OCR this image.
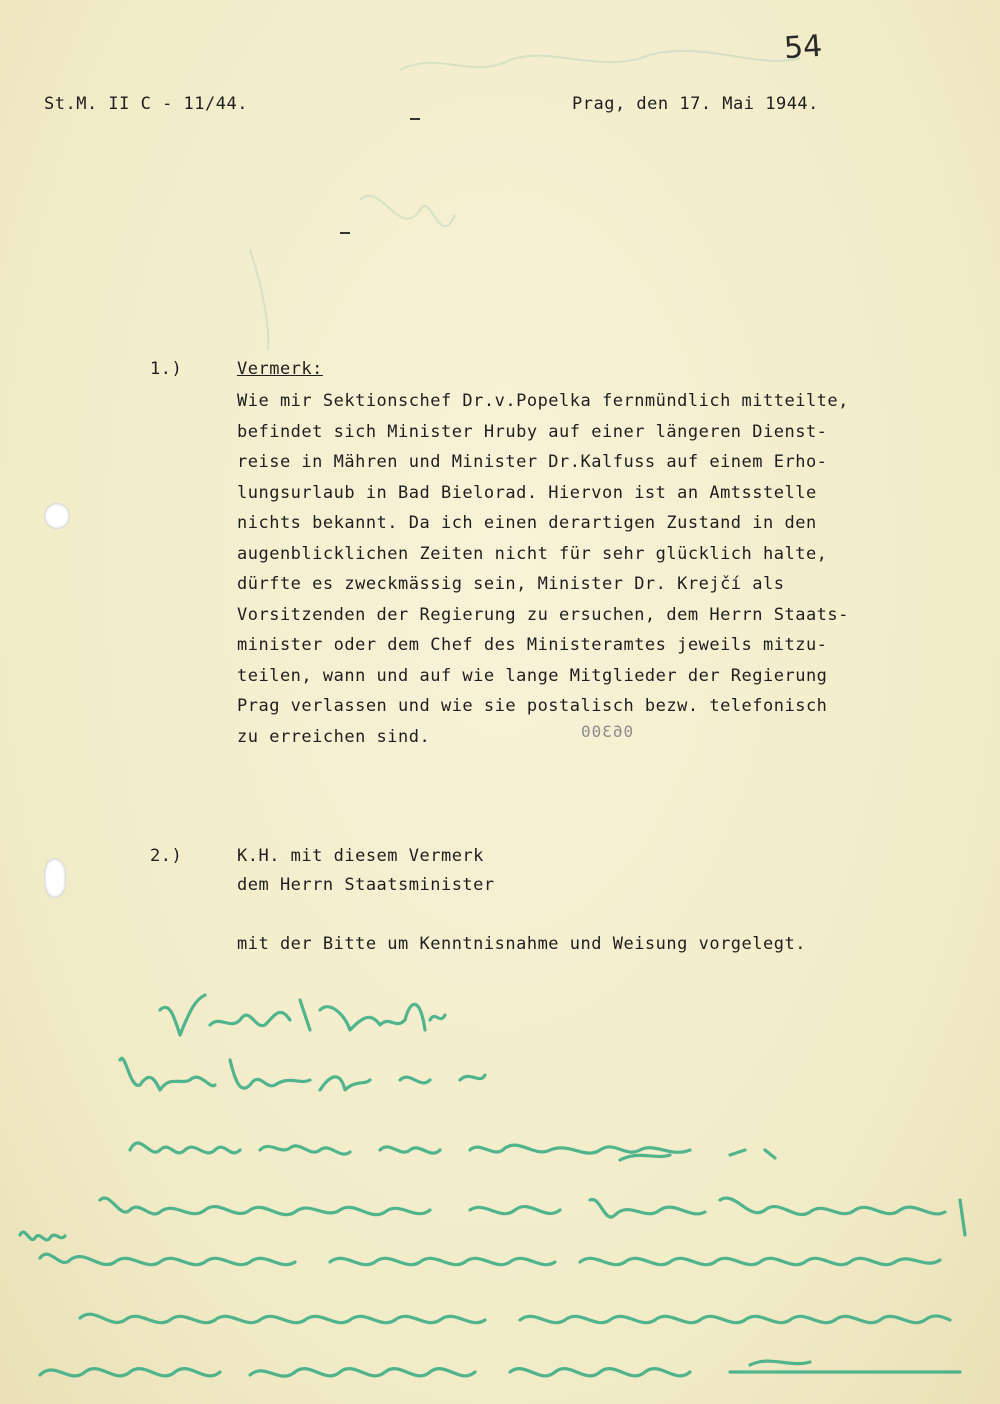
54
St.M. II C - 11/44.	Prag, den 17. Mai 1944.
1.)	Vermerk:
Wie mir Sektionschef Dr.v.Popelka fernmündlich mitteilte,
befindet sich Minister Hruby auf einer längeren Dienst-
reise in Mähren und Minister Dr.Kalfuss auf einem Erho-
lungsurlaub in Bad Bielorad. Hiervon ist an Amtsstelle
nichts bekannt. Da ich einen derartigen Zustand in den
augenblicklichen Zeiten nicht für sehr glücklich halte,
dürfte es zweckmässig sein, Minister Dr. Krejčí als
Vorsitzenden der Regierung zu ersuchen, dem Herrn Staats-
minister oder dem Chef des Ministeramtes jeweils mitzu-
teilen, wann und auf wie lange Mitglieder der Regierung
Prag verlassen und wie sie postalisch bezw. telefonisch
zu erreichen sind.	06300
2.)	K.H. mit diesem Vermerk
dem Herrn Staatsminister
mit der Bitte um Kenntnisnahme und Weisung vorgelegt.
